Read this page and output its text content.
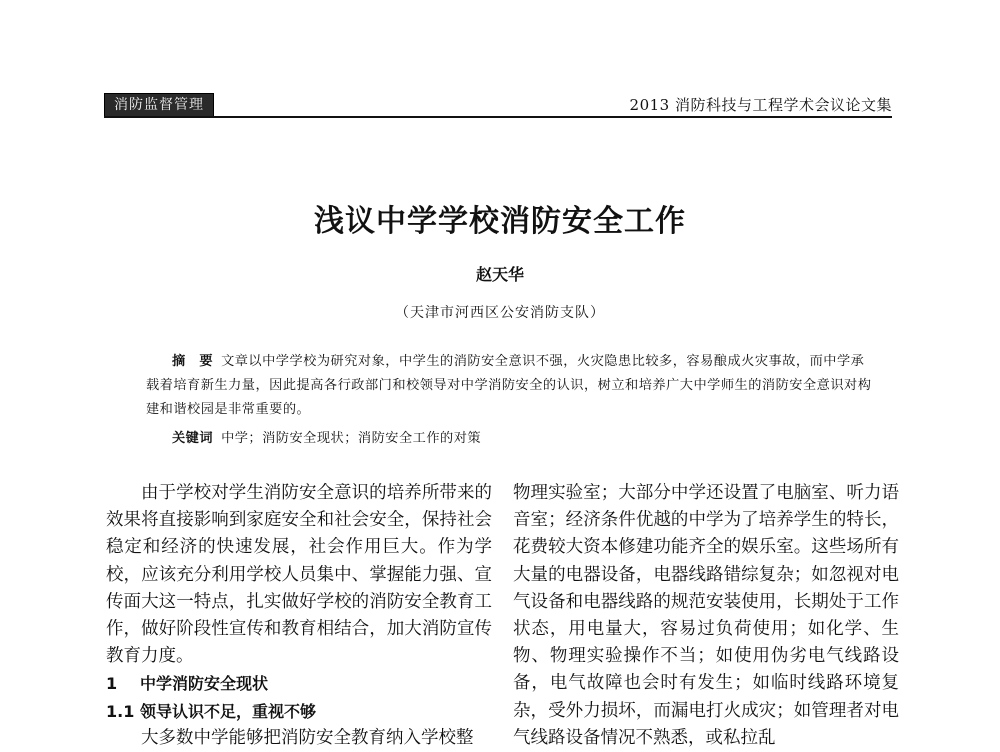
消防监督管理	2013 消防科技与工程学术会议论文集
浅议中学学校消防安全工作
赵天华
（天津市河西区公安消防支队）
摘　要 文章以中学学校为研究对象，中学生的消防安全意识不强，火灾隐患比较多，容易酿成火灾事故，而中学承载着培育新生力量，因此提高各行政部门和校领导对中学消防安全的认识，树立和培养广大中学师生的消防安全意识对构建和谐校园是非常重要的。
关键词 中学；消防安全现状；消防安全工作的对策

由于学校对学生消防安全意识的培养所带来的效果将直接影响到家庭安全和社会安全，保持社会稳定和经济的快速发展，社会作用巨大。作为学校，应该充分利用学校人员集中、掌握能力强、宣传面大这一特点，扎实做好学校的消防安全教育工作，做好阶段性宣传和教育相结合，加大消防宣传教育力度。

1 中学消防安全现状

1.1 领导认识不足，重视不够

大多数中学能够把消防安全教育纳入学校整

物理实验室；大部分中学还设置了电脑室、听力语音室；经济条件优越的中学为了培养学生的特长，花费较大资本修建功能齐全的娱乐室。这些场所有大量的电器设备，电器线路错综复杂；如忽视对电气设备和电器线路的规范安装使用，长期处于工作状态，用电量大，容易过负荷使用；如化学、生物、物理实验操作不当；如使用伪劣电气线路设备，电气故障也会时有发生；如临时线路环境复杂，受外力损坏，而漏电打火成灾；如管理者对电气线路设备情况不熟悉，或私拉乱
